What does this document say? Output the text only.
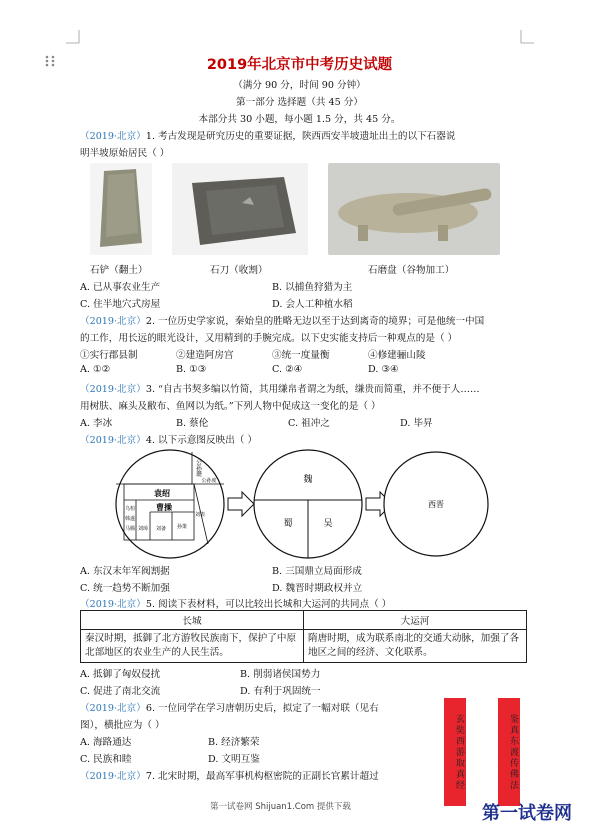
2019年北京市中考历史试题
（满分 90 分，时间 90 分钟）
第一部分 选择题（共 45 分）
本部分共 30 小题，每小题 1.5 分，共 45 分。
（2019·北京）1. 考古发现是研究历史的重要证据，陕西西安半坡遗址出土的以下石器说
明半坡原始居民（ ）
石铲（翻土）	石刀（收割）	石磨盘（谷物加工）
A. 已从事农业生产	B. 以捕鱼狩猎为主
C. 住半地穴式房屋	D. 会人工种植水稻
（2019·北京）2. 一位历史学家说，秦始皇的胜略无边以至于达到离奇的境界；可是他统一中国
的工作，用长远的眼光设计，又用精到的手腕完成。以下史实能支持后一种观点的是（ ）
①实行郡县制	②建造阿房宫	③统一度量衡	④修建骊山陵
A. ①②	B. ①③	C. ②④	D. ③④
（2019·北京）3. “自古书契多编以竹简，其用缣帛者谓之为纸，缣贵而简重，并不便于人……
用树肤、麻头及敝布、鱼网以为纸。”下列人物中促成这一变化的是（ ）
A. 李冰	B. 蔡伦	C. 祖冲之	D. 毕昇
（2019·北京）4. 以下示意图反映出（ ）
公孙瓒
袁绍
曹操
公孙度
乌桓
韩遂
马腾
刘表
孙策
刘璋 刘备
魏
蜀	吴
西晋
A. 东汉末年军阀割据	B. 三国鼎立局面形成
C. 统一趋势不断加强	D. 魏晋时期政权并立
（2019·北京）5. 阅读下表材料，可以比较出长城和大运河的共同点（ ）
长城	大运河
秦汉时期，抵御了北方游牧民族南下，保护了中原北部地区的农业生产的人民生活。	隋唐时期，成为联系南北的交通大动脉，加强了各地区之间的经济、文化联系。
A. 抵御了匈奴侵扰	B. 削弱诸侯国势力
C. 促进了南北交流	D. 有利于巩固统一
（2019·北京）6. 一位同学在学习唐朝历史后，拟定了一幅对联（见右
图），横批应为（ ）
A. 海路通达	B. 经济繁荣
C. 民族和睦	D. 文明互鉴
（2019·北京）7. 北宋时期，最高军事机构枢密院的正副长官累计超过	玄奘西游取真经	鉴真东渡传佛法
第一试卷网 Shijuan1.Com 提供下载	第一试卷网
